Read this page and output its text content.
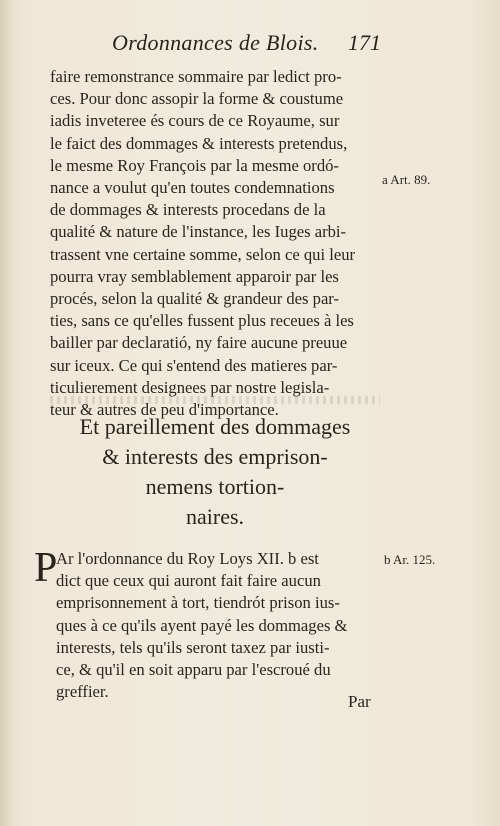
Ordonnances de Blois. 171
faire remonstrance sommaire par ledict pro-
ces. Pour donc assopir la forme & coustume
iadis inveteree és cours de ce Royaume, sur
le faict des dommages & interests pretendus,
le mesme Roy François par la mesme ordó-
nance a voulut qu'en toutes condemnations
de dommages & interests procedans de la
qualité & nature de l'instance, les Iuges arbi-
trassent vne certaine somme, selon ce qui leur
pourra vray semblablement apparoir par les
procés, selon la qualité & grandeur des par-
ties, sans ce qu'elles fussent plus receues à les
bailler par declaratió, ny faire aucune preuue
sur iceux. Ce qui s'entend des matieres par-
ticulierement designees par nostre legisla-
teur & autres de peu d'importance.
a Art. 89.
Et pareillement des dommages
& interests des emprison-
nemens tortion-
naires.
P
Ar l'ordonnance du Roy Loys XII. b est
dict que ceux qui auront fait faire aucun
emprisonnement à tort, tiendrót prison ius-
ques à ce qu'ils ayent payé les dommages &
interests, tels qu'ils seront taxez par iusti-
ce, & qu'il en soit apparu par l'escroué du
greffier.
b Ar. 125.
Par
